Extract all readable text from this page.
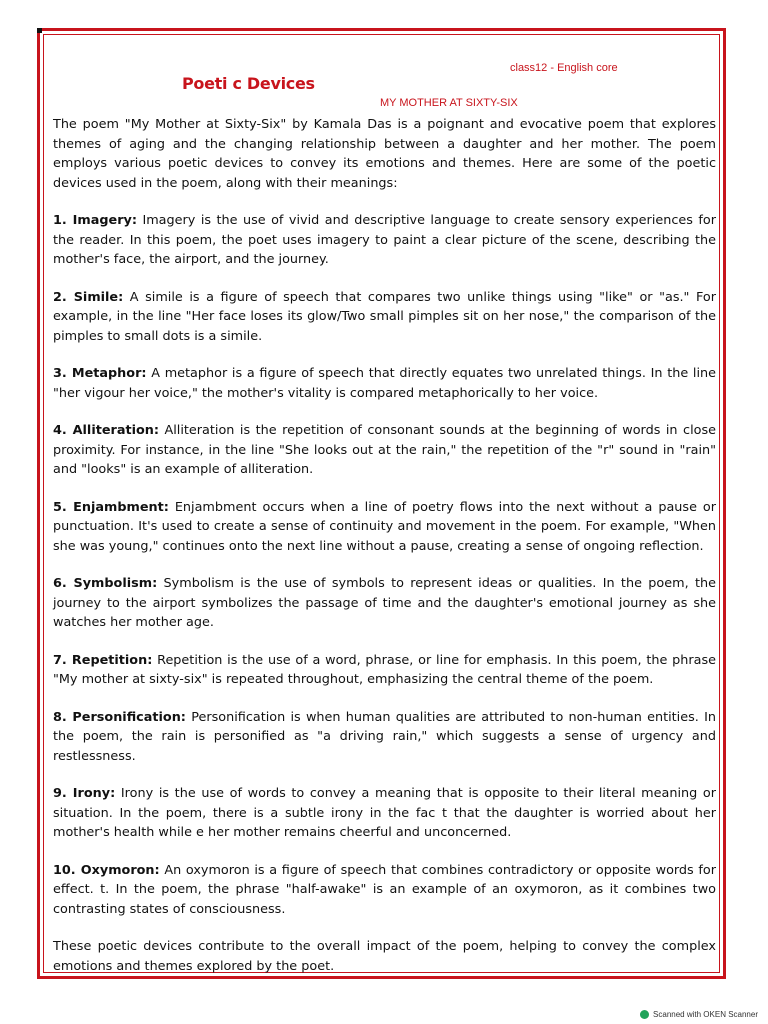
Poeti c Devices
class12 - English core
MY MOTHER AT SIXTY-SIX

The poem "My Mother at Sixty-Six" by Kamala Das is a poignant and evocative poem that explores themes of aging and the changing relationship between a daughter and her mother. The poem employs various poetic devices to convey its emotions and themes. Here are some of the poetic devices used in the poem, along with their meanings:

1. Imagery: Imagery is the use of vivid and descriptive language to create sensory experiences for the reader. In this poem, the poet uses imagery to paint a clear picture of the scene, describing the mother's face, the airport, and the journey.

2. Simile: A simile is a figure of speech that compares two unlike things using "like" or "as." For example, in the line "Her face loses its glow/Two small pimples sit on her nose," the comparison of the pimples to small dots is a simile.

3. Metaphor: A metaphor is a figure of speech that directly equates two unrelated things. In the line "her vigour her voice," the mother's vitality is compared metaphorically to her voice.

4. Alliteration: Alliteration is the repetition of consonant sounds at the beginning of words in close proximity. For instance, in the line "She looks out at the rain," the repetition of the "r" sound in "rain" and "looks" is an example of alliteration.

5. Enjambment: Enjambment occurs when a line of poetry flows into the next without a pause or punctuation. It's used to create a sense of continuity and movement in the poem. For example, "When she was young," continues onto the next line without a pause, creating a sense of ongoing reflection.

6. Symbolism: Symbolism is the use of symbols to represent ideas or qualities. In the poem, the journey to the airport symbolizes the passage of time and the daughter's emotional journey as she watches her mother age.

7. Repetition: Repetition is the use of a word, phrase, or line for emphasis. In this poem, the phrase "My mother at sixty-six" is repeated throughout, emphasizing the central theme of the poem.

8. Personification: Personification is when human qualities are attributed to non-human entities. In the poem, the rain is personified as "a driving rain," which suggests a sense of urgency and restlessness.

9. Irony: Irony is the use of words to convey a meaning that is opposite to their literal meaning or situation. In the poem, there is a subtle irony in the fac t that the daughter is worried about her mother's health while e her mother remains cheerful and unconcerned.

10. Oxymoron: An oxymoron is a figure of speech that combines contradictory or opposite words for effect. t. In the poem, the phrase "half-awake" is an example of an oxymoron, as it combines two contrasting states of consciousness.

These poetic devices contribute to the overall impact of the poem, helping to convey the complex emotions and themes explored by the poet.

Scanned with OKEN Scanner
